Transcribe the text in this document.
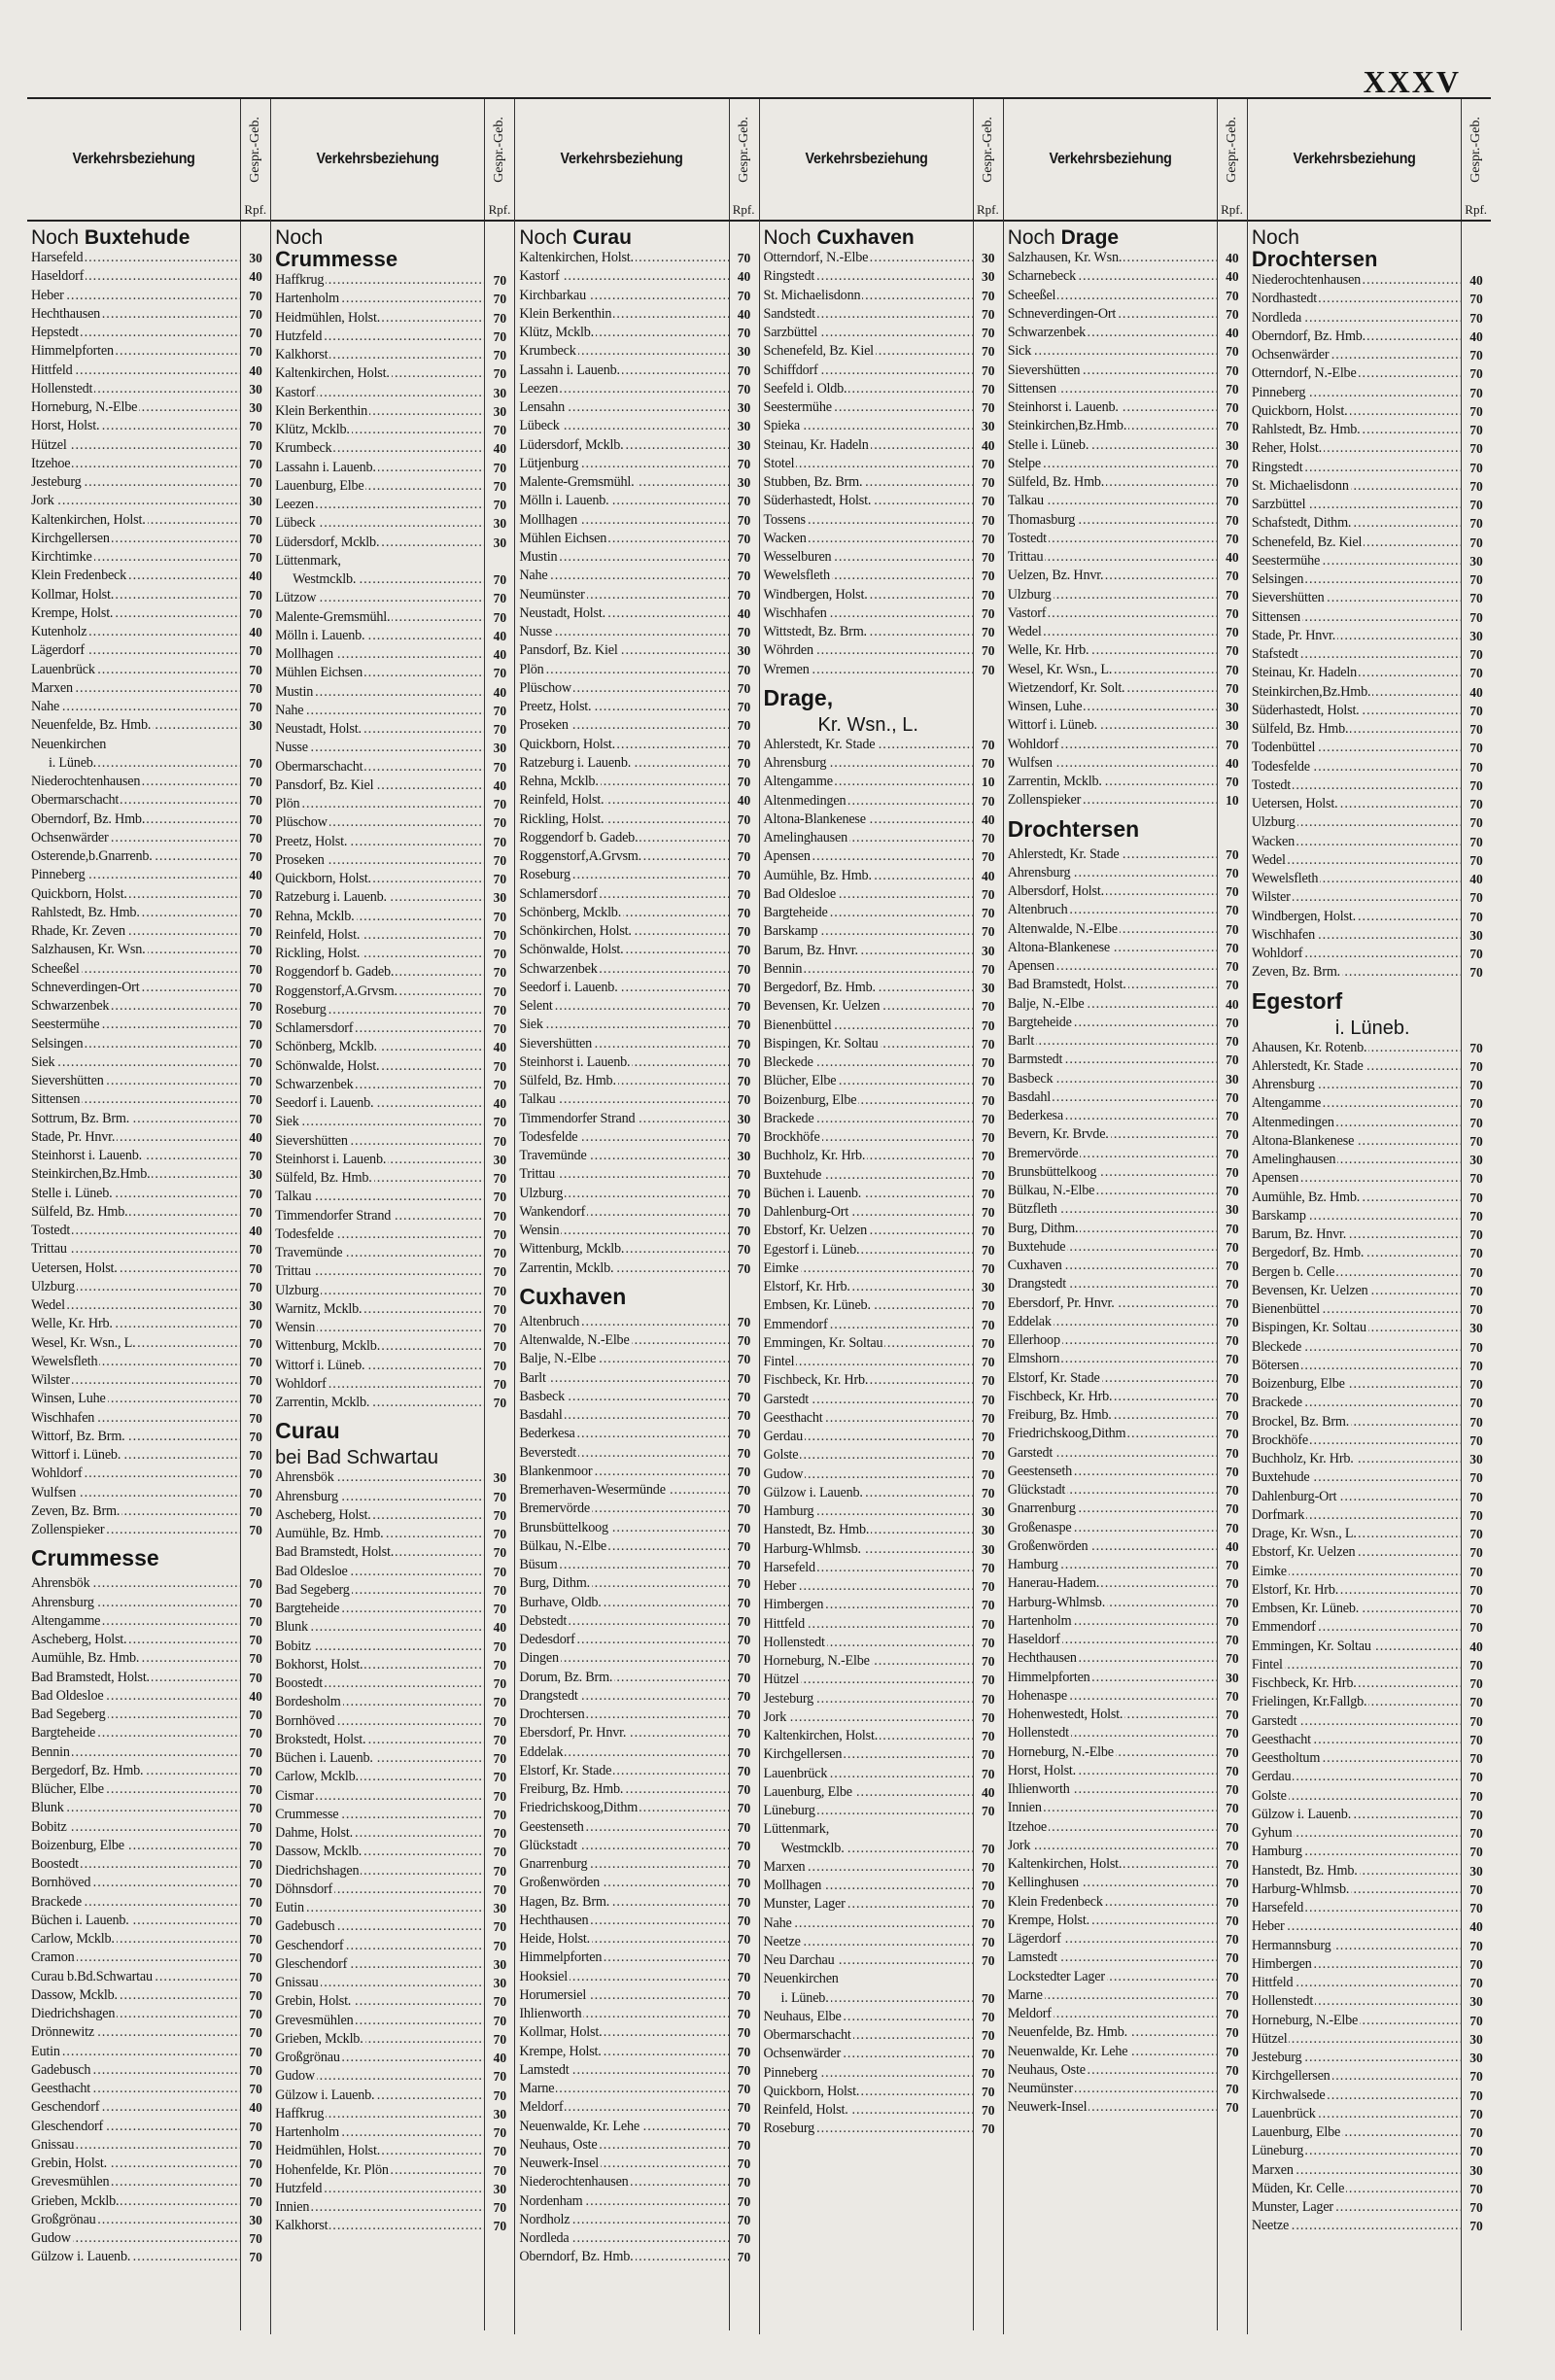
XXXV
Verkehrsbeziehung	Gespr.-Geb.
Rpf.
Noch Buxtehude
Harsefeld .....	30
Haseldorf .....	40
Heber .....	70
Hechthausen .....	70
Hepstedt .....	70
Himmelpforten .....	70
Hittfeld .....	40
Hollenstedt .....	30
Horneburg, N.-Elbe .....	30
Horst, Holst. .....	70
Hützel .....	70
Itzehoe .....	70
Jesteburg .....	70
Jork .....	30
Kaltenkirchen, Holst. .....	70
Kirchgellersen .....	70
Kirchtimke .....	70
Klein Fredenbeck .....	40
Kollmar, Holst. .....	70
Krempe, Holst. .....	70
Kutenholz .....	40
Lägerdorf .....	70
Lauenbrück .....	70
Marxen .....	70
Nahe .....	70
Neuenfelde, Bz. Hmb. .....	30
Neuenkirchen
i. Lüneb. .....	70
Niederochtenhausen .....	70
Obermarschacht .....	70
Oberndorf, Bz. Hmb. .....	70
Ochsenwärder .....	70
Osterende,b.Gnarrenb. .....	70
Pinneberg .....	40
Quickborn, Holst. .....	70
Rahlstedt, Bz. Hmb. .....	70
Rhade, Kr. Zeven .....	70
Salzhausen, Kr. Wsn. .....	70
Scheeßel .....	70
Schneverdingen-Ort .....	70
Schwarzenbek .....	70
Seestermühe .....	70
Selsingen .....	70
Siek .....	70
Sievershütten .....	70
Sittensen .....	70
Sottrum, Bz. Brm. .....	70
Stade, Pr. Hnvr. .....	40
Steinhorst i. Lauenb. .....	70
Steinkirchen,Bz.Hmb. .....	30
Stelle i. Lüneb. .....	70
Sülfeld, Bz. Hmb. .....	70
Tostedt .....	40
Trittau .....	70
Uetersen, Holst. .....	70
Ulzburg .....	70
Wedel .....	30
Welle, Kr. Hrb. .....	70
Wesel, Kr. Wsn., L. .....	70
Wewelsfleth .....	70
Wilster .....	70
Winsen, Luhe .....	70
Wischhafen .....	70
Wittorf, Bz. Brm. .....	70
Wittorf i. Lüneb. .....	70
Wohldorf .....	70
Wulfsen .....	70
Zeven, Bz. Brm. .....	70
Zollenspieker .....	70
Crummesse
Ahrensbök .....	70
Ahrensburg .....	70
Altengamme .....	70
Ascheberg, Holst. .....	70
Aumühle, Bz. Hmb. .....	70
Bad Bramstedt, Holst. .....	70
Bad Oldesloe .....	40
Bad Segeberg .....	70
Bargteheide .....	70
Bennin .....	70
Bergedorf, Bz. Hmb. .....	70
Blücher, Elbe .....	70
Blunk .....	70
Bobitz .....	70
Boizenburg, Elbe .....	70
Boostedt .....	70
Bornhöved .....	70
Brackede .....	70
Büchen i. Lauenb. .....	70
Carlow, Mcklb. .....	70
Cramon .....	70
Curau b.Bd.Schwartau .....	70
Dassow, Mcklb. .....	70
Diedrichshagen .....	70
Drönnewitz .....	70
Eutin .....	70
Gadebusch .....	70
Geesthacht .....	70
Geschendorf .....	40
Gleschendorf .....	70
Gnissau .....	70
Grebin, Holst. .....	70
Grevesmühlen .....	70
Grieben, Mcklb. .....	70
Großgrönau .....	30
Gudow .....	70
Gülzow i. Lauenb. .....	70
Verkehrsbeziehung	Gespr.-Geb.
Rpf.
Noch
Crummesse
Haffkrug .....	70
Hartenholm .....	70
Heidmühlen, Holst. .....	70
Hutzfeld .....	70
Kalkhorst .....	70
Kaltenkirchen, Holst. .....	70
Kastorf .....	30
Klein Berkenthin .....	30
Klütz, Mcklb. .....	70
Krumbeck .....	40
Lassahn i. Lauenb. .....	70
Lauenburg, Elbe .....	70
Leezen .....	70
Lübeck .....	30
Lüdersdorf, Mcklb. .....	30
Lüttenmark,
Westmcklb. .....	70
Lützow .....	70
Malente-Gremsmühl. .....	70
Mölln i. Lauenb. .....	40
Mollhagen .....	40
Mühlen Eichsen .....	70
Mustin .....	40
Nahe .....	70
Neustadt, Holst. .....	70
Nusse .....	30
Obermarschacht .....	70
Pansdorf, Bz. Kiel .....	40
Plön .....	70
Plüschow .....	70
Preetz, Holst. .....	70
Proseken .....	70
Quickborn, Holst. .....	70
Ratzeburg i. Lauenb. .....	30
Rehna, Mcklb. .....	70
Reinfeld, Holst. .....	70
Rickling, Holst. .....	70
Roggendorf b. Gadeb. .....	70
Roggenstorf,A.Grvsm. .....	70
Roseburg .....	70
Schlamersdorf .....	70
Schönberg, Mcklb. .....	40
Schönwalde, Holst. .....	70
Schwarzenbek .....	70
Seedorf i. Lauenb. .....	40
Siek .....	70
Sievershütten .....	70
Steinhorst i. Lauenb. .....	30
Sülfeld, Bz. Hmb. .....	70
Talkau .....	70
Timmendorfer Strand .....	70
Todesfelde .....	70
Travemünde .....	70
Trittau .....	70
Ulzburg .....	70
Warnitz, Mcklb. .....	70
Wensin .....	70
Wittenburg, Mcklb. .....	70
Wittorf i. Lüneb. .....	70
Wohldorf .....	70
Zarrentin, Mcklb. .....	70
Curau
bei Bad Schwartau
Ahrensbök .....	30
Ahrensburg .....	70
Ascheberg, Holst. .....	70
Aumühle, Bz. Hmb. .....	70
Bad Bramstedt, Holst. .....	70
Bad Oldesloe .....	70
Bad Segeberg .....	70
Bargteheide .....	70
Blunk .....	40
Bobitz .....	70
Bokhorst, Holst. .....	70
Boostedt .....	70
Bordesholm .....	70
Bornhöved .....	70
Brokstedt, Holst. .....	70
Büchen i. Lauenb. .....	70
Carlow, Mcklb. .....	70
Cismar .....	70
Crummesse .....	70
Dahme, Holst. .....	70
Dassow, Mcklb. .....	70
Diedrichshagen .....	70
Döhnsdorf .....	70
Eutin .....	30
Gadebusch .....	70
Geschendorf .....	70
Gleschendorf .....	30
Gnissau .....	30
Grebin, Holst. .....	70
Grevesmühlen .....	70
Grieben, Mcklb. .....	70
Großgrönau .....	40
Gudow .....	70
Gülzow i. Lauenb. .....	70
Haffkrug .....	30
Hartenholm .....	70
Heidmühlen, Holst. .....	70
Hohenfelde, Kr. Plön .....	70
Hutzfeld .....	30
Innien .....	70
Kalkhorst .....	70
Verkehrsbeziehung	Gespr.-Geb.
Rpf.
Noch Curau
Kaltenkirchen, Holst. .....	70
Kastorf .....	40
Kirchbarkau .....	70
Klein Berkenthin .....	40
Klütz, Mcklb. .....	70
Krumbeck .....	30
Lassahn i. Lauenb. .....	70
Leezen .....	70
Lensahn .....	30
Lübeck .....	30
Lüdersdorf, Mcklb. .....	30
Lütjenburg .....	70
Malente-Gremsmühl. .....	30
Mölln i. Lauenb. .....	70
Mollhagen .....	70
Mühlen Eichsen .....	70
Mustin .....	70
Nahe .....	70
Neumünster .....	70
Neustadt, Holst. .....	40
Nusse .....	70
Pansdorf, Bz. Kiel .....	30
Plön .....	70
Plüschow .....	70
Preetz, Holst. .....	70
Proseken .....	70
Quickborn, Holst. .....	70
Ratzeburg i. Lauenb. .....	70
Rehna, Mcklb. .....	70
Reinfeld, Holst. .....	40
Rickling, Holst. .....	70
Roggendorf b. Gadeb. .....	70
Roggenstorf,A.Grvsm. .....	70
Roseburg .....	70
Schlamersdorf .....	70
Schönberg, Mcklb. .....	70
Schönkirchen, Holst. .....	70
Schönwalde, Holst. .....	70
Schwarzenbek .....	70
Seedorf i. Lauenb. .....	70
Selent .....	70
Siek .....	70
Sievershütten .....	70
Steinhorst i. Lauenb. .....	70
Sülfeld, Bz. Hmb. .....	70
Talkau .....	70
Timmendorfer Strand .....	30
Todesfelde .....	70
Travemünde .....	30
Trittau .....	70
Ulzburg .....	70
Wankendorf .....	70
Wensin .....	70
Wittenburg, Mcklb. .....	70
Zarrentin, Mcklb. .....	70
Cuxhaven
Altenbruch .....	70
Altenwalde, N.-Elbe .....	70
Balje, N.-Elbe .....	70
Barlt .....	70
Basbeck .....	70
Basdahl .....	70
Bederkesa .....	70
Beverstedt .....	70
Blankenmoor .....	70
Bremerhaven-Wesermünde .....	70
Bremervörde .....	70
Brunsbüttelkoog .....	70
Bülkau, N.-Elbe .....	70
Büsum .....	70
Burg, Dithm. .....	70
Burhave, Oldb. .....	70
Debstedt .....	70
Dedesdorf .....	70
Dingen .....	70
Dorum, Bz. Brm. .....	70
Drangstedt .....	70
Drochtersen .....	70
Ebersdorf, Pr. Hnvr. .....	70
Eddelak .....	70
Elstorf, Kr. Stade .....	70
Freiburg, Bz. Hmb. .....	70
Friedrichskoog,Dithm .....	70
Geestenseth .....	70
Glückstadt .....	70
Gnarrenburg .....	70
Großenwörden .....	70
Hagen, Bz. Brm. .....	70
Hechthausen .....	70
Heide, Holst. .....	70
Himmelpforten .....	70
Hooksiel .....	70
Horumersiel .....	70
Ihlienworth .....	70
Kollmar, Holst. .....	70
Krempe, Holst. .....	70
Lamstedt .....	70
Marne .....	70
Meldorf .....	70
Neuenwalde, Kr. Lehe .....	70
Neuhaus, Oste .....	70
Neuwerk-Insel .....	70
Niederochtenhausen .....	70
Nordenham .....	70
Nordholz .....	70
Nordleda .....	70
Oberndorf, Bz. Hmb. .....	70
Verkehrsbeziehung	Gespr.-Geb.
Rpf.
Noch Cuxhaven
Otterndorf, N.-Elbe .....	30
Ringstedt .....	30
St. Michaelisdonn .....	70
Sandstedt .....	70
Sarzbüttel .....	70
Schenefeld, Bz. Kiel .....	70
Schiffdorf .....	70
Seefeld i. Oldb. .....	70
Seestermühe .....	70
Spieka .....	30
Steinau, Kr. Hadeln .....	40
Stotel .....	70
Stubben, Bz. Brm. .....	70
Süderhastedt, Holst. .....	70
Tossens .....	70
Wacken .....	70
Wesselburen .....	70
Wewelsfleth .....	70
Windbergen, Holst. .....	70
Wischhafen .....	70
Wittstedt, Bz. Brm. .....	70
Wöhrden .....	70
Wremen .....	70
Drage,
Kr. Wsn., L.
Ahlerstedt, Kr. Stade .....	70
Ahrensburg .....	70
Altengamme .....	10
Altenmedingen .....	70
Altona-Blankenese .....	40
Amelinghausen .....	70
Apensen .....	70
Aumühle, Bz. Hmb. .....	40
Bad Oldesloe .....	70
Bargteheide .....	70
Barskamp .....	70
Barum, Bz. Hnvr. .....	30
Bennin .....	70
Bergedorf, Bz. Hmb. .....	30
Bevensen, Kr. Uelzen .....	70
Bienenbüttel .....	70
Bispingen, Kr. Soltau .....	70
Bleckede .....	70
Blücher, Elbe .....	70
Boizenburg, Elbe .....	70
Brackede .....	70
Brockhöfe .....	70
Buchholz, Kr. Hrb. .....	70
Buxtehude .....	70
Büchen i. Lauenb. .....	70
Dahlenburg-Ort .....	70
Ebstorf, Kr. Uelzen .....	70
Egestorf i. Lüneb. .....	70
Eimke .....	70
Elstorf, Kr. Hrb. .....	30
Embsen, Kr. Lüneb. .....	70
Emmendorf .....	70
Emmingen, Kr. Soltau .....	70
Fintel .....	70
Fischbeck, Kr. Hrb. .....	70
Garstedt .....	70
Geesthacht .....	70
Gerdau .....	70
Golste .....	70
Gudow .....	70
Gülzow i. Lauenb. .....	70
Hamburg .....	30
Hanstedt, Bz. Hmb. .....	30
Harburg-Whlmsb. .....	30
Harsefeld .....	70
Heber .....	70
Himbergen .....	70
Hittfeld .....	70
Hollenstedt .....	70
Horneburg, N.-Elbe .....	70
Hützel .....	70
Jesteburg .....	70
Jork .....	70
Kaltenkirchen, Holst. .....	70
Kirchgellersen .....	70
Lauenbrück .....	70
Lauenburg, Elbe .....	40
Lüneburg .....	70
Lüttenmark,
Westmcklb. .....	70
Marxen .....	70
Mollhagen .....	70
Munster, Lager .....	70
Nahe .....	70
Neetze .....	70
Neu Darchau .....	70
Neuenkirchen
i. Lüneb. .....	70
Neuhaus, Elbe .....	70
Obermarschacht .....	70
Ochsenwärder .....	70
Pinneberg .....	70
Quickborn, Holst. .....	70
Reinfeld, Holst. .....	70
Roseburg .....	70
Verkehrsbeziehung	Gespr.-Geb.
Rpf.
Noch Drage
Salzhausen, Kr. Wsn. .....	40
Scharnebeck .....	40
Scheeßel .....	70
Schneverdingen-Ort .....	70
Schwarzenbek .....	40
Sick .....	70
Sievershütten .....	70
Sittensen .....	70
Steinhorst i. Lauenb. .....	70
Steinkirchen,Bz.Hmb. .....	70
Stelle i. Lüneb. .....	30
Stelpe .....	70
Sülfeld, Bz. Hmb. .....	70
Talkau .....	70
Thomasburg .....	70
Tostedt .....	70
Trittau .....	40
Uelzen, Bz. Hnvr. .....	70
Ulzburg .....	70
Vastorf .....	70
Wedel .....	70
Welle, Kr. Hrb. .....	70
Wesel, Kr. Wsn., L. .....	70
Wietzendorf, Kr. Solt. .....	70
Winsen, Luhe .....	30
Wittorf i. Lüneb. .....	30
Wohldorf .....	70
Wulfsen .....	40
Zarrentin, Mcklb. .....	70
Zollenspieker .....	10
Drochtersen
Ahlerstedt, Kr. Stade .....	70
Ahrensburg .....	70
Albersdorf, Holst. .....	70
Altenbruch .....	70
Altenwalde, N.-Elbe .....	70
Altona-Blankenese .....	70
Apensen .....	70
Bad Bramstedt, Holst. .....	70
Balje, N.-Elbe .....	40
Bargteheide .....	70
Barlt .....	70
Barmstedt .....	70
Basbeck .....	30
Basdahl .....	70
Bederkesa .....	70
Bevern, Kr. Brvde. .....	70
Bremervörde .....	70
Brunsbüttelkoog .....	70
Bülkau, N.-Elbe .....	70
Bützfleth .....	30
Burg, Dithm. .....	70
Buxtehude .....	70
Cuxhaven .....	70
Drangstedt .....	70
Ebersdorf, Pr. Hnvr. .....	70
Eddelak .....	70
Ellerhoop .....	70
Elmshorn .....	70
Elstorf, Kr. Stade .....	70
Fischbeck, Kr. Hrb. .....	70
Freiburg, Bz. Hmb. .....	70
Friedrichskoog,Dithm .....	70
Garstedt .....	70
Geestenseth .....	70
Glückstadt .....	70
Gnarrenburg .....	70
Großenaspe .....	70
Großenwörden .....	40
Hamburg .....	70
Hanerau-Hadem. .....	70
Harburg-Whlmsb. .....	70
Hartenholm .....	70
Haseldorf .....	70
Hechthausen .....	70
Himmelpforten .....	30
Hohenaspe .....	70
Hohenwestedt, Holst. .....	70
Hollenstedt .....	70
Horneburg, N.-Elbe .....	70
Horst, Holst. .....	70
Ihlienworth .....	70
Innien .....	70
Itzehoe .....	70
Jork .....	70
Kaltenkirchen, Holst. .....	70
Kellinghusen .....	70
Klein Fredenbeck .....	70
Krempe, Holst. .....	70
Lägerdorf .....	70
Lamstedt .....	70
Lockstedter Lager .....	70
Marne .....	70
Meldorf .....	70
Neuenfelde, Bz. Hmb. .....	70
Neuenwalde, Kr. Lehe .....	70
Neuhaus, Oste .....	70
Neumünster .....	70
Neuwerk-Insel .....	70
Verkehrsbeziehung	Gespr.-Geb.
Rpf.
Noch
Drochtersen
Niederochtenhausen .....	40
Nordhastedt .....	70
Nordleda .....	70
Oberndorf, Bz. Hmb. .....	40
Ochsenwärder .....	70
Otterndorf, N.-Elbe .....	70
Pinneberg .....	70
Quickborn, Holst. .....	70
Rahlstedt, Bz. Hmb. .....	70
Reher, Holst. .....	70
Ringstedt .....	70
St. Michaelisdonn .....	70
Sarzbüttel .....	70
Schafstedt, Dithm. .....	70
Schenefeld, Bz. Kiel .....	70
Seestermühe .....	30
Selsingen .....	70
Sievershütten .....	70
Sittensen .....	70
Stade, Pr. Hnvr. .....	30
Stafstedt .....	70
Steinau, Kr. Hadeln .....	70
Steinkirchen,Bz.Hmb. .....	40
Süderhastedt, Holst. .....	70
Sülfeld, Bz. Hmb. .....	70
Todenbüttel .....	70
Todesfelde .....	70
Tostedt .....	70
Uetersen, Holst. .....	70
Ulzburg .....	70
Wacken .....	70
Wedel .....	70
Wewelsfleth .....	40
Wilster .....	70
Windbergen, Holst. .....	70
Wischhafen .....	30
Wohldorf .....	70
Zeven, Bz. Brm. .....	70
Egestorf
i. Lüneb.
Ahausen, Kr. Rotenb. .....	70
Ahlerstedt, Kr. Stade .....	70
Ahrensburg .....	70
Altengamme .....	70
Altenmedingen .....	70
Altona-Blankenese .....	70
Amelinghausen .....	30
Apensen .....	70
Aumühle, Bz. Hmb. .....	70
Barskamp .....	70
Barum, Bz. Hnvr. .....	70
Bergedorf, Bz. Hmb. .....	70
Bergen b. Celle .....	70
Bevensen, Kr. Uelzen .....	70
Bienenbüttel .....	70
Bispingen, Kr. Soltau .....	30
Bleckede .....	70
Bötersen .....	70
Boizenburg, Elbe .....	70
Brackede .....	70
Brockel, Bz. Brm. .....	70
Brockhöfe .....	70
Buchholz, Kr. Hrb. .....	30
Buxtehude .....	70
Dahlenburg-Ort .....	70
Dorfmark .....	70
Drage, Kr. Wsn., L. .....	70
Ebstorf, Kr. Uelzen .....	70
Eimke .....	70
Elstorf, Kr. Hrb. .....	70
Embsen, Kr. Lüneb. .....	70
Emmendorf .....	70
Emmingen, Kr. Soltau .....	40
Fintel .....	70
Fischbeck, Kr. Hrb. .....	70
Frielingen, Kr.Fallgb. .....	70
Garstedt .....	70
Geesthacht .....	70
Geestholtum .....	70
Gerdau .....	70
Golste .....	70
Gülzow i. Lauenb. .....	70
Gyhum .....	70
Hamburg .....	70
Hanstedt, Bz. Hmb. .....	30
Harburg-Whlmsb. .....	70
Harsefeld .....	70
Heber .....	40
Hermannsburg .....	70
Himbergen .....	70
Hittfeld .....	70
Hollenstedt .....	30
Horneburg, N.-Elbe .....	70
Hützel .....	30
Jesteburg .....	30
Kirchgellersen .....	70
Kirchwalsede .....	70
Lauenbrück .....	70
Lauenburg, Elbe .....	70
Lüneburg .....	70
Marxen .....	30
Müden, Kr. Celle .....	70
Munster, Lager .....	70
Neetze .....	70
